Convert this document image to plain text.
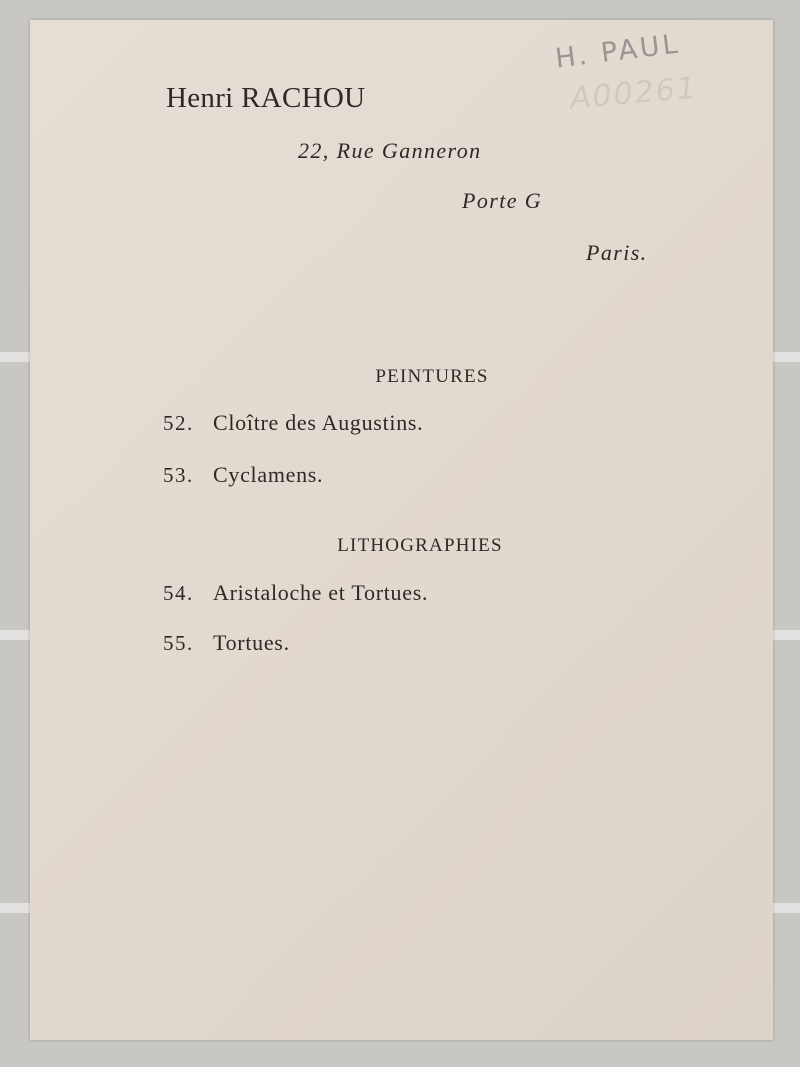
H. PAUL
A00261
Henri RACHOU
22, Rue Ganneron
Porte G
Paris.
PEINTURES
52. Cloître des Augustins.
53. Cyclamens.
LITHOGRAPHIES
54. Aristaloche et Tortues.
55. Tortues.
